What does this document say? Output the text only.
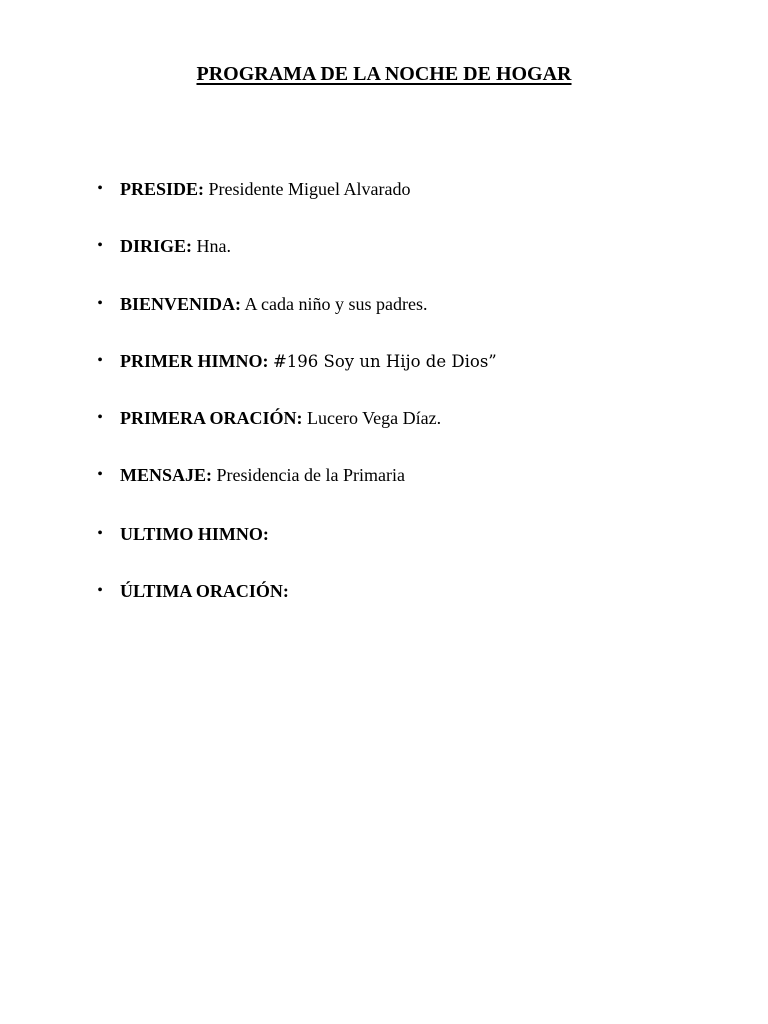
PROGRAMA DE LA NOCHE DE HOGAR
• PRESIDE: Presidente Miguel Alvarado
• DIRIGE: Hna.
• BIENVENIDA: A cada niño y sus padres.
• PRIMER HIMNO: #196 Soy un Hijo de Dios”
• PRIMERA ORACIÓN: Lucero Vega Díaz.
• MENSAJE: Presidencia de la Primaria
• ULTIMO HIMNO:
• ÚLTIMA ORACIÓN:
